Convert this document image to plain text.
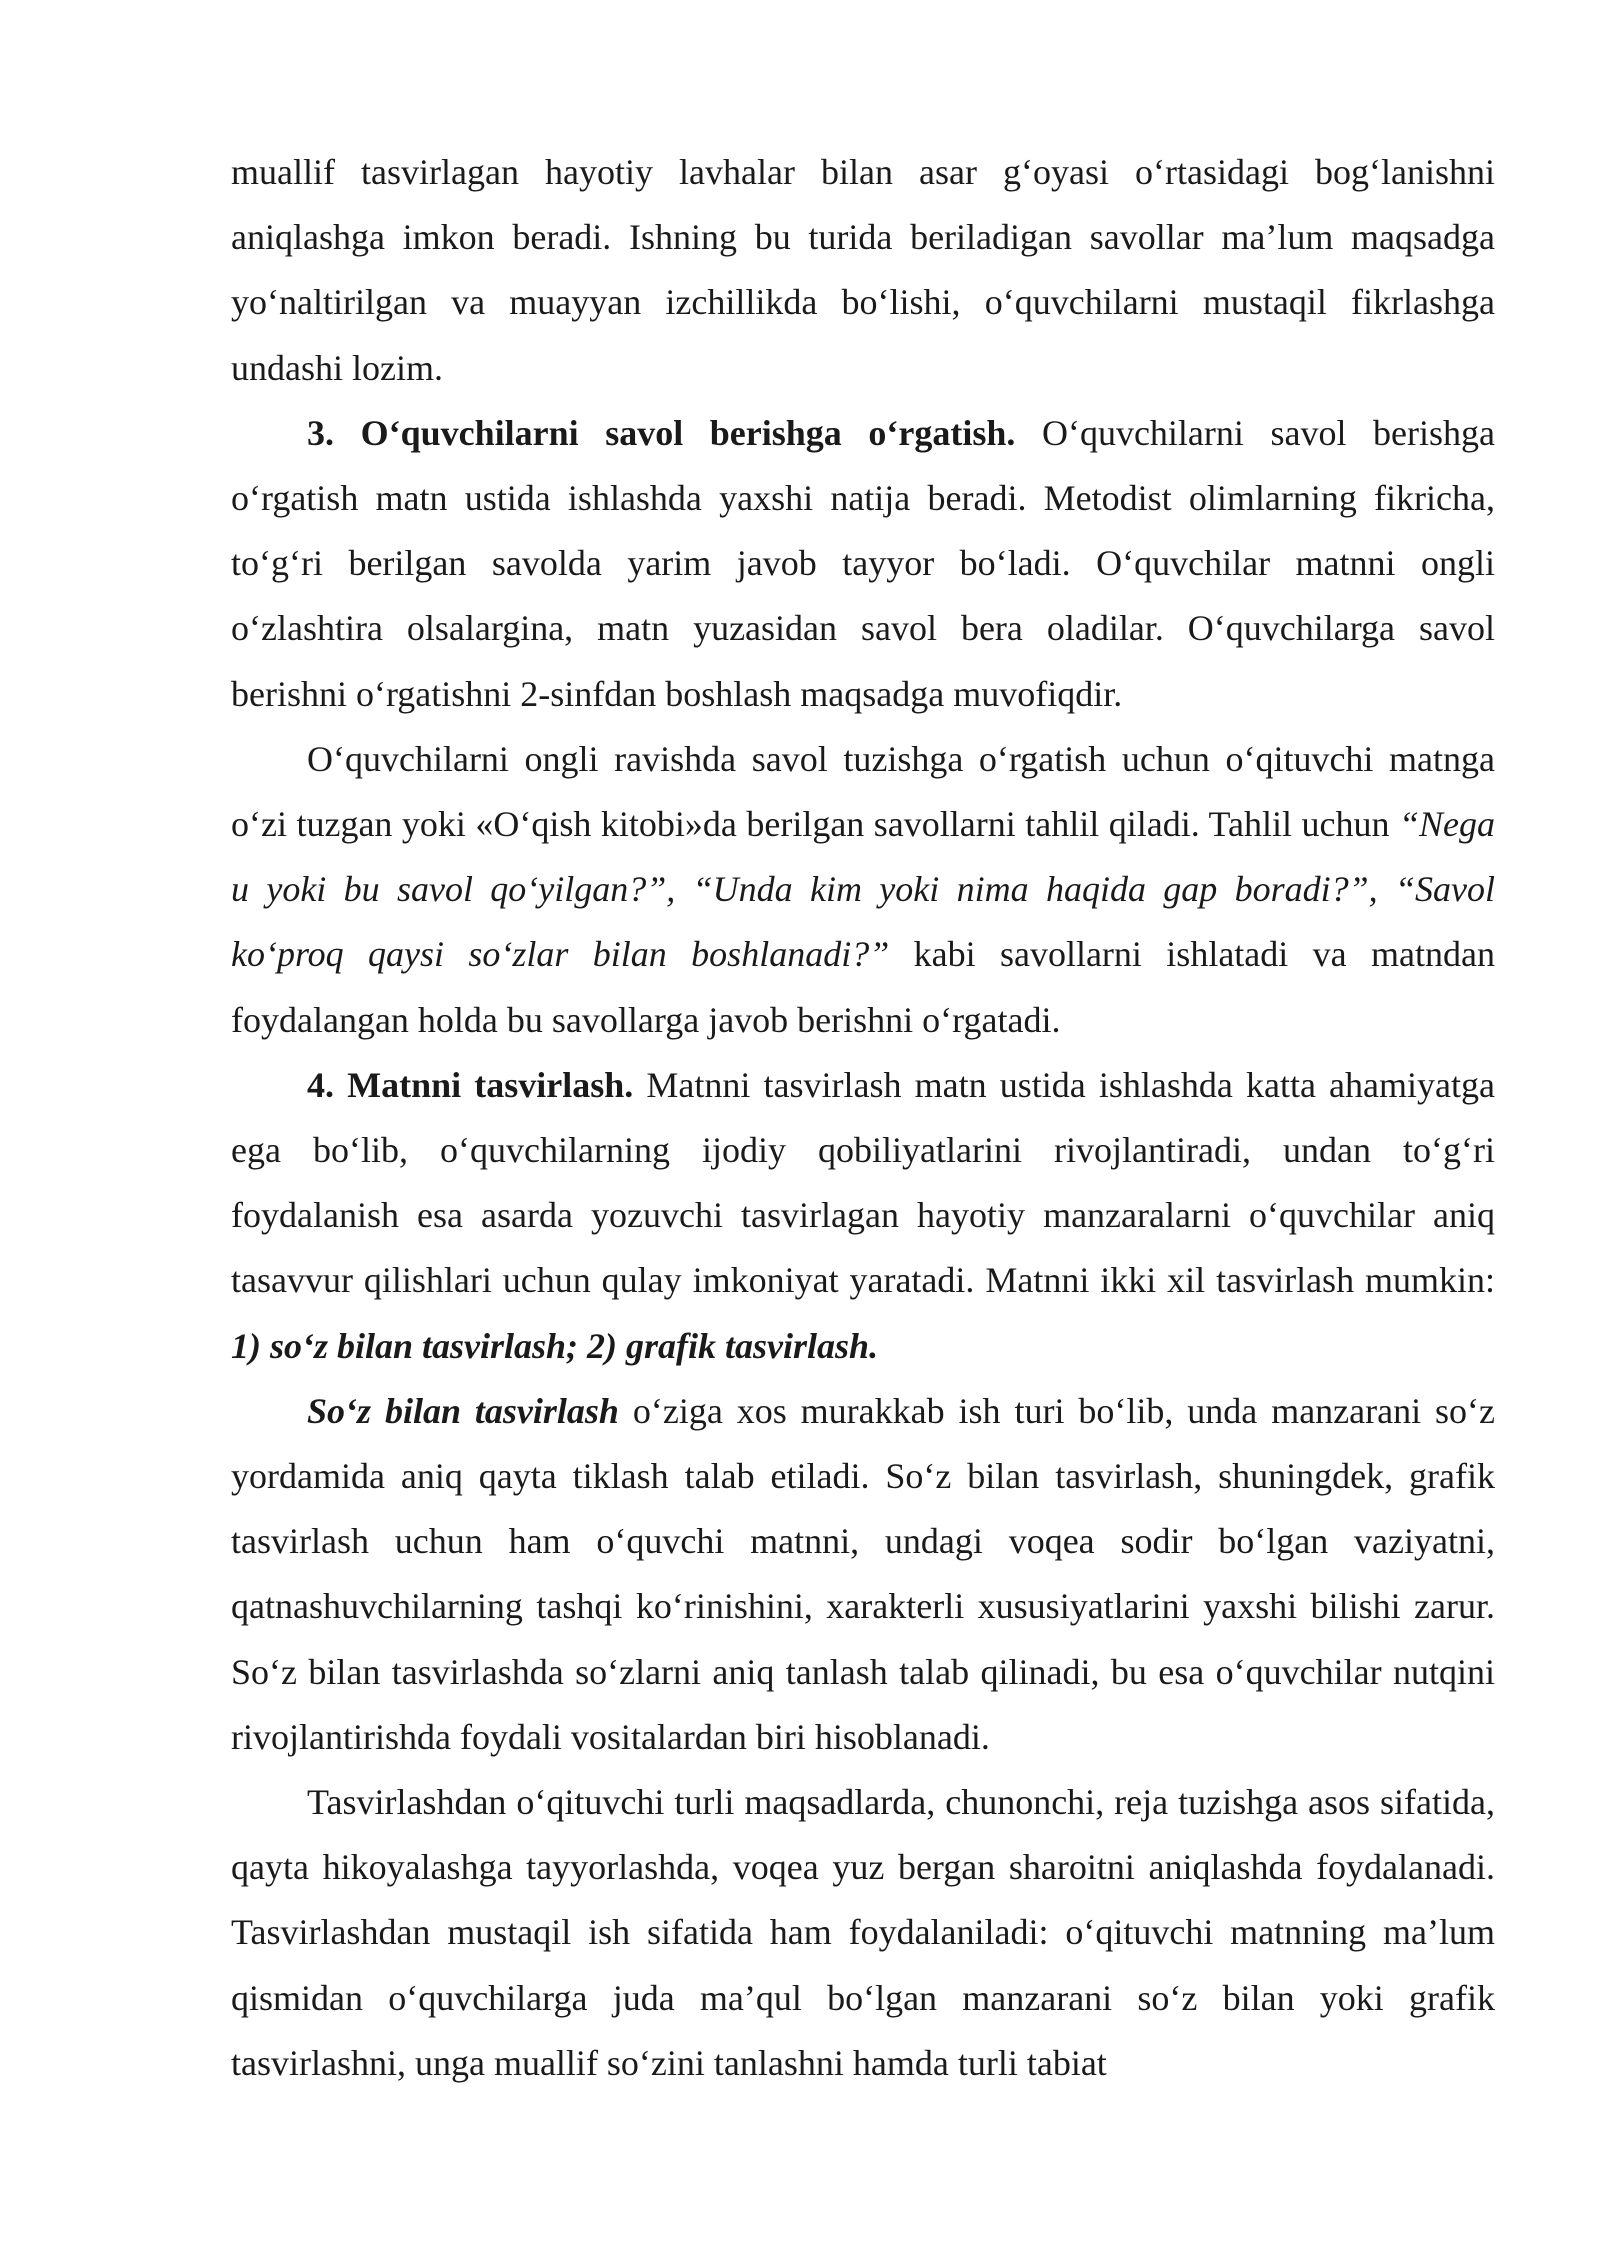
muallif tasvirlagan hayotiy lavhalar bilan asar g‘oyasi o‘rtasidagi bog‘lanishni aniqlashga imkon beradi. Ishning bu turida beriladigan savollar ma’lum maqsadga yo‘naltirilgan va muayyan izchillikda bo‘lishi, o‘quvchilarni mustaqil fikrlashga undashi lozim.

3. O‘quvchilarni savol berishga o‘rgatish. O‘quvchilarni savol berishga o‘rgatish matn ustida ishlashda yaxshi natija beradi. Metodist olimlarning fikricha, to‘g‘ri berilgan savolda yarim javob tayyor bo‘ladi. O‘quvchilar matnni ongli o‘zlashtira olsalargina, matn yuzasidan savol bera oladilar. O‘quvchilarga savol berishni o‘rgatishni 2-sinfdan boshlash maqsadga muvofiqdir.

O‘quvchilarni ongli ravishda savol tuzishga o‘rgatish uchun o‘qituvchi matnga o‘zi tuzgan yoki «O‘qish kitobi»da berilgan savollarni tahlil qiladi. Tahlil uchun “Nega u yoki bu savol qo‘yilgan?”, “Unda kim yoki nima haqida gap boradi?”, “Savol ko‘proq qaysi so‘zlar bilan boshlanadi?” kabi savollarni ishlatadi va matndan foydalangan holda bu savollarga javob berishni o‘rgatadi.

4. Matnni tasvirlash. Matnni tasvirlash matn ustida ishlashda katta ahamiyatga ega bo‘lib, o‘quvchilarning ijodiy qobiliyatlarini rivojlantiradi, undan to‘g‘ri foydalanish esa asarda yozuvchi tasvirlagan hayotiy manzaralarni o‘quvchilar aniq tasavvur qilishlari uchun qulay imkoniyat yaratadi. Matnni ikki xil tasvirlash mumkin: 1) so‘z bilan tasvirlash; 2) grafik tasvirlash.

So‘z bilan tasvirlash o‘ziga xos murakkab ish turi bo‘lib, unda manzarani so‘z yordamida aniq qayta tiklash talab etiladi. So‘z bilan tasvirlash, shuningdek, grafik tasvirlash uchun ham o‘quvchi matnni, undagi voqea sodir bo‘lgan vaziyatni, qatnashuvchilarning tashqi ko‘rinishini, xarakterli xususiyatlarini yaxshi bilishi zarur. So‘z bilan tasvirlashda so‘zlarni aniq tanlash talab qilinadi, bu esa o‘quvchilar nutqini rivojlantirishda foydali vositalardan biri hisoblanadi.

Tasvirlashdan o‘qituvchi turli maqsadlarda, chunonchi, reja tuzishga asos sifatida, qayta hikoyalashga tayyorlashda, voqea yuz bergan sharoitni aniqlashda foydalanadi. Tasvirlashdan mustaqil ish sifatida ham foydalaniladi: o‘qituvchi matnning ma’lum qismidan o‘quvchilarga juda ma’qul bo‘lgan manzarani so‘z bilan yoki grafik tasvirlashni, unga muallif so‘zini tanlashni hamda turli tabiat
